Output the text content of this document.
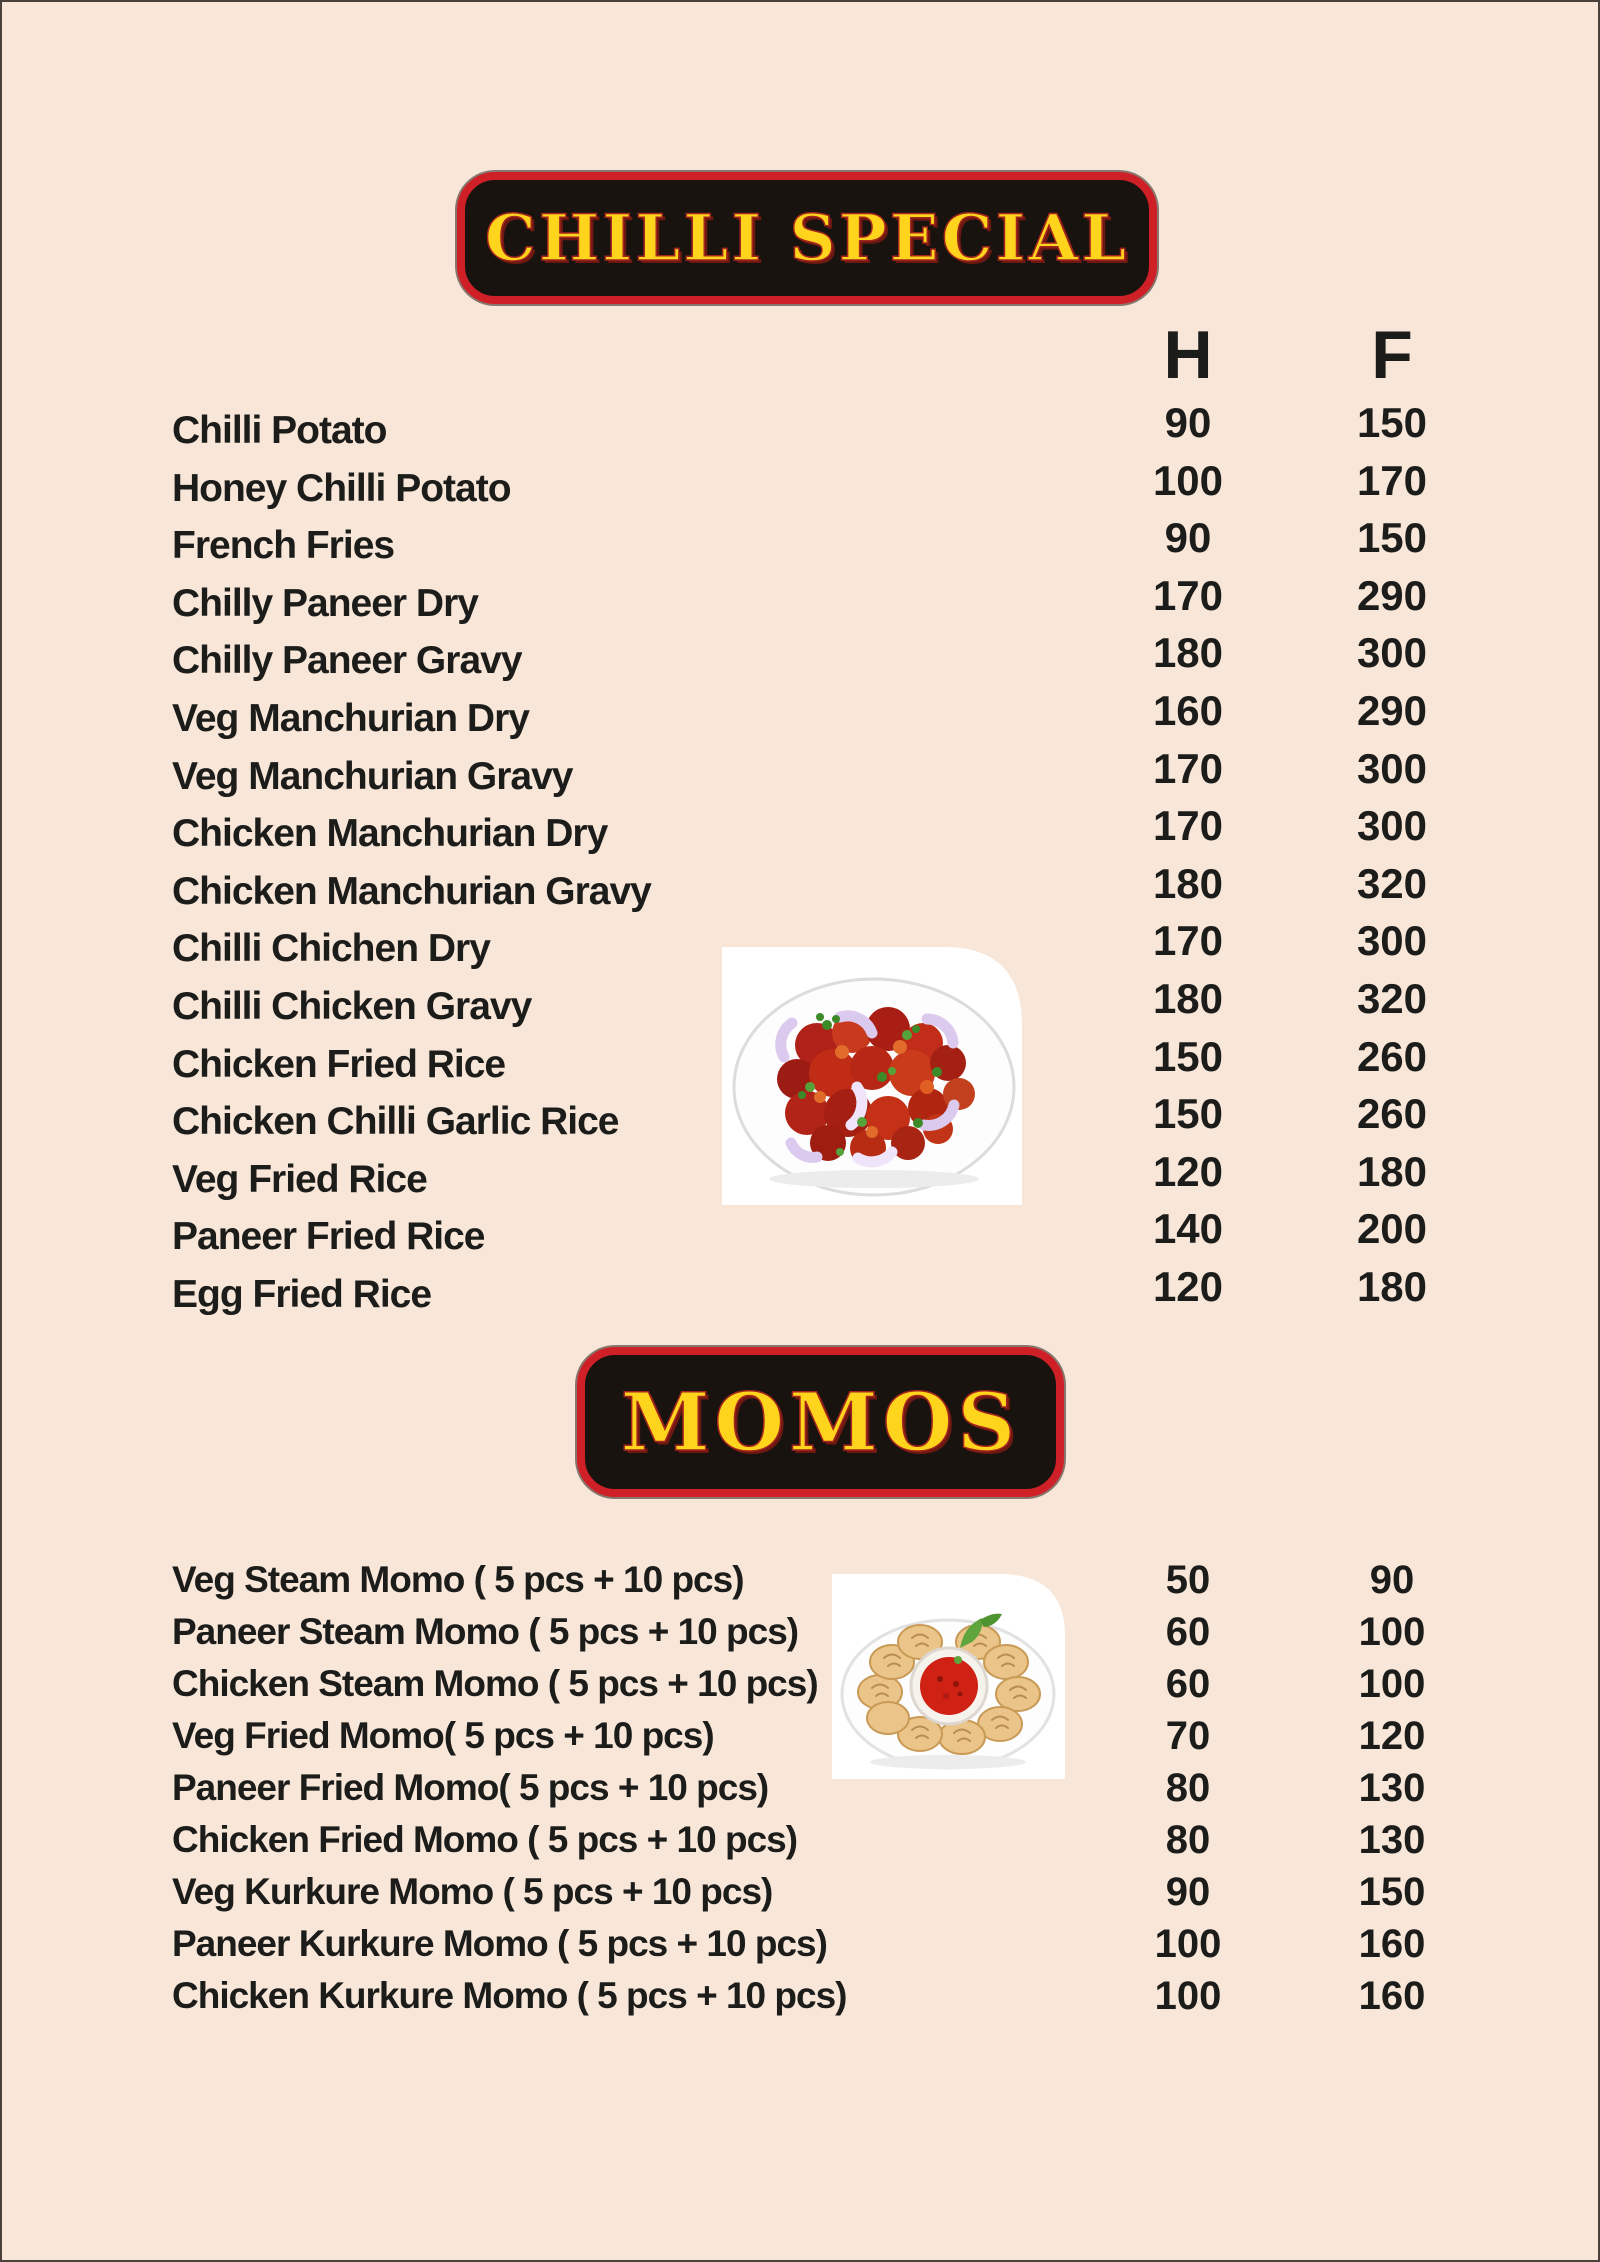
CHILLI SPECIAL
H	F
Chilli Potato	90	150
Honey Chilli Potato	100	170
French Fries	90	150
Chilly Paneer Dry	170	290
Chilly Paneer Gravy	180	300
Veg Manchurian Dry	160	290
Veg Manchurian Gravy	170	300
Chicken Manchurian Dry	170	300
Chicken Manchurian Gravy	180	320
Chilli Chichen Dry	170	300
Chilli Chicken Gravy	180	320
Chicken Fried Rice	150	260
Chicken Chilli Garlic Rice	150	260
Veg Fried Rice	120	180
Paneer Fried Rice	140	200
Egg Fried Rice	120	180
MOMOS
Veg Steam Momo ( 5 pcs + 10 pcs)	50	90
Paneer Steam Momo ( 5 pcs + 10 pcs)	60	100
Chicken Steam Momo ( 5 pcs + 10 pcs)	60	100
Veg Fried Momo( 5 pcs + 10 pcs)	70	120
Paneer Fried Momo( 5 pcs + 10 pcs)	80	130
Chicken Fried Momo ( 5 pcs + 10 pcs)	80	130
Veg Kurkure Momo ( 5 pcs + 10 pcs)	90	150
Paneer Kurkure Momo ( 5 pcs + 10 pcs)	100	160
Chicken Kurkure Momo ( 5 pcs + 10 pcs)	100	160
